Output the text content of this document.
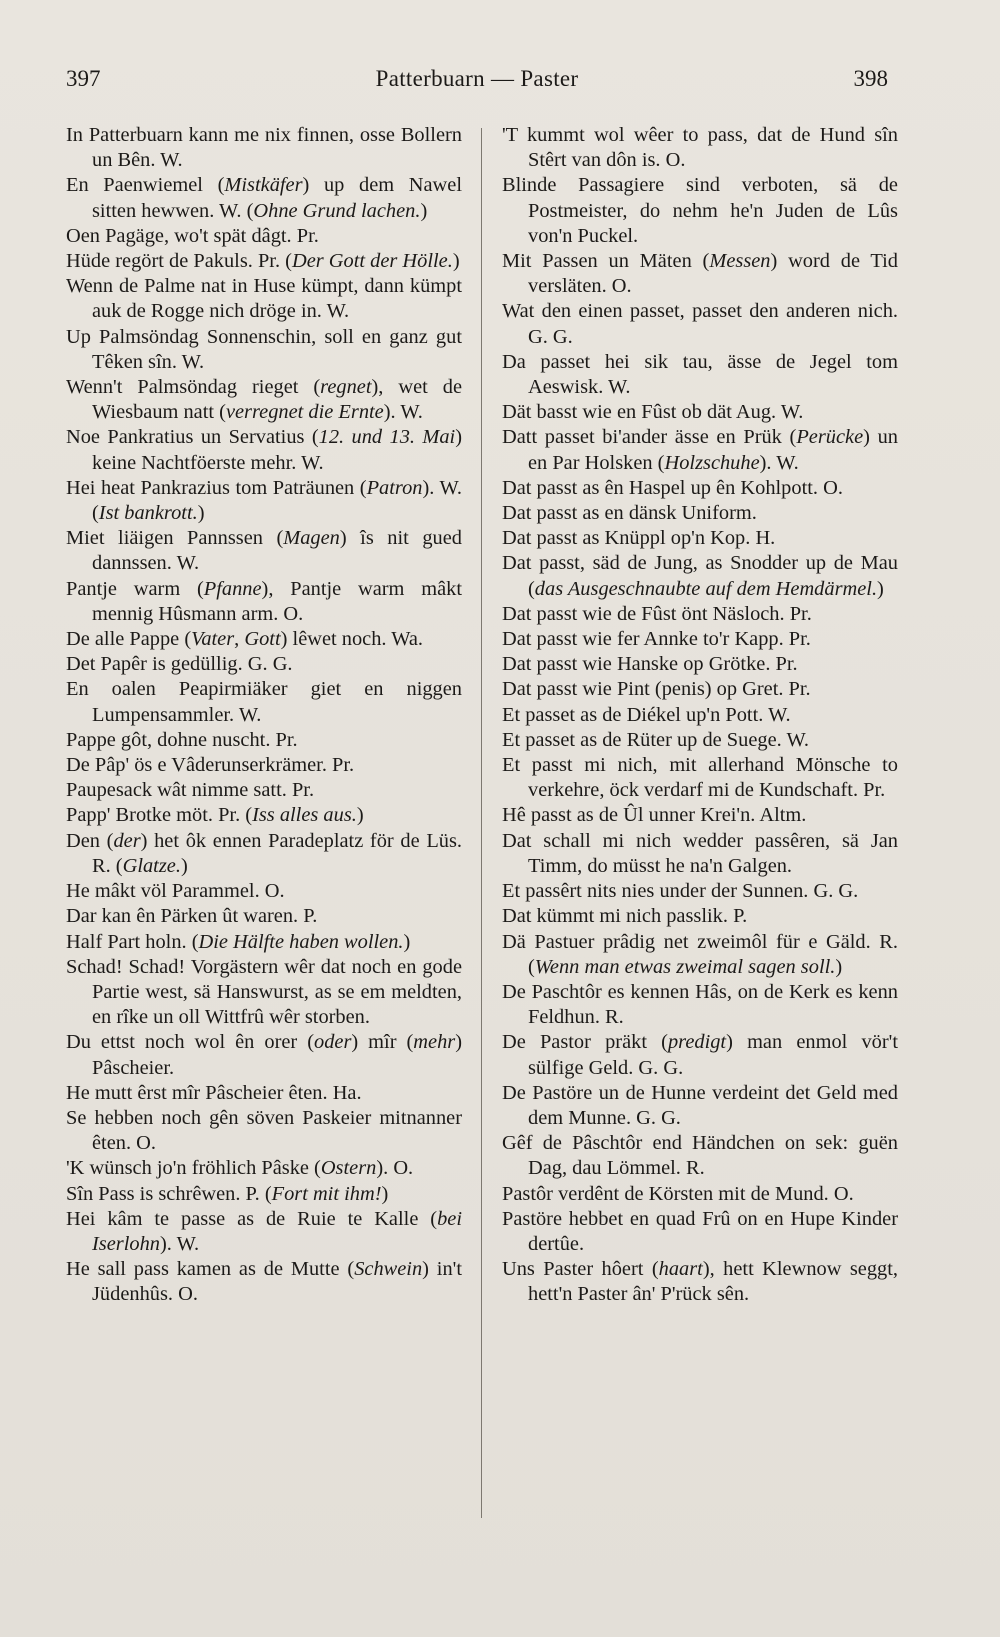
397	Patterbuarn — Paster	398

In Patterbuarn kann me nix finnen, osse Bollern un Bên. W.

En Paenwiemel (Mistkäfer) up dem Nawel sitten hewwen. W. (Ohne Grund lachen.)

Oen Pagäge, wo't spät dâgt. Pr.

Hüde regört de Pakuls. Pr. (Der Gott der Hölle.)

Wenn de Palme nat in Huse kümpt, dann kümpt auk de Rogge nich dröge in. W.

Up Palmsöndag Sonnenschin, soll en ganz gut Têken sîn. W.

Wenn't Palmsöndag rieget (regnet), wet de Wiesbaum natt (verregnet die Ernte). W.

Noe Pankratius un Servatius (12. und 13. Mai) keine Nachtföerste mehr. W.

Hei heat Pankrazius tom Paträunen (Patron). W. (Ist bankrott.)

Miet liäigen Pannssen (Magen) îs nit gued dannssen. W.

Pantje warm (Pfanne), Pantje warm mâkt mennig Hûsmann arm. O.

De alle Pappe (Vater, Gott) lêwet noch. Wa.

Det Papêr is gedüllig. G. G.

En oalen Peapirmiäker giet en niggen Lumpensammler. W.

Pappe gôt, dohne nuscht. Pr.

De Pâp' ös e Vâderunserkrämer. Pr.

Paupesack wât nimme satt. Pr.

Papp' Brotke möt. Pr. (Iss alles aus.)

Den (der) het ôk ennen Paradeplatz för de Lüs. R. (Glatze.)

He mâkt völ Parammel. O.

Dar kan ên Pärken ût waren. P.

Half Part holn. (Die Hälfte haben wollen.)

Schad! Schad! Vorgästern wêr dat noch en gode Partie west, sä Hanswurst, as se em meldten, en rîke un oll Wittfrû wêr storben.

Du ettst noch wol ên orer (oder) mîr (mehr) Pâscheier.

He mutt êrst mîr Pâscheier êten. Ha.

Se hebben noch gên söven Paskeier mitnanner êten. O.

'K wünsch jo'n fröhlich Pâske (Ostern). O.

Sîn Pass is schrêwen. P. (Fort mit ihm!)

Hei kâm te passe as de Ruie te Kalle (bei Iserlohn). W.

He sall pass kamen as de Mutte (Schwein) in't Jüdenhûs. O.

'T kummt wol wêer to pass, dat de Hund sîn Stêrt van dôn is. O.

Blinde Passagiere sind verboten, sä de Postmeister, do nehm he'n Juden de Lûs von'n Puckel.

Mit Passen un Mäten (Messen) word de Tid versläten. O.

Wat den einen passet, passet den anderen nich. G. G.

Da passet hei sik tau, ässe de Jegel tom Aeswisk. W.

Dät basst wie en Fûst ob dät Aug. W.

Datt passet bi'ander ässe en Prük (Perücke) un en Par Holsken (Holzschuhe). W.

Dat passt as ên Haspel up ên Kohlpott. O.

Dat passt as en dänsk Uniform.

Dat passt as Knüppl op'n Kop. H.

Dat passt, säd de Jung, as Snodder up de Mau (das Ausgeschnaubte auf dem Hemdärmel.)

Dat passt wie de Fûst önt Näsloch. Pr.

Dat passt wie fer Annke to'r Kapp. Pr.

Dat passt wie Hanske op Grötke. Pr.

Dat passt wie Pint (penis) op Gret. Pr.

Et passet as de Diékel up'n Pott. W.

Et passet as de Rüter up de Suege. W.

Et passt mi nich, mit allerhand Mönsche to verkehre, öck verdarf mi de Kundschaft. Pr.

Hê passt as de Ûl unner Krei'n. Altm.

Dat schall mi nich wedder passêren, sä Jan Timm, do müsst he na'n Galgen.

Et passêrt nits nies under der Sunnen. G. G.

Dat kümmt mi nich passlik. P.

Dä Pastuer prâdig net zweimôl für e Gäld. R. (Wenn man etwas zweimal sagen soll.)

De Paschtôr es kennen Hâs, on de Kerk es kenn Feldhun. R.

De Pastor präkt (predigt) man enmol vör't sülfige Geld. G. G.

De Pastöre un de Hunne verdeint det Geld med dem Munne. G. G.

Gêf de Pâschtôr end Händchen on sek: guën Dag, dau Lömmel. R.

Pastôr verdênt de Körsten mit de Mund. O.

Pastöre hebbet en quad Frû on en Hupe Kinder dertûe.

Uns Paster hôert (haart), hett Klewnow seggt, hett'n Paster ân' P'rück sên.
